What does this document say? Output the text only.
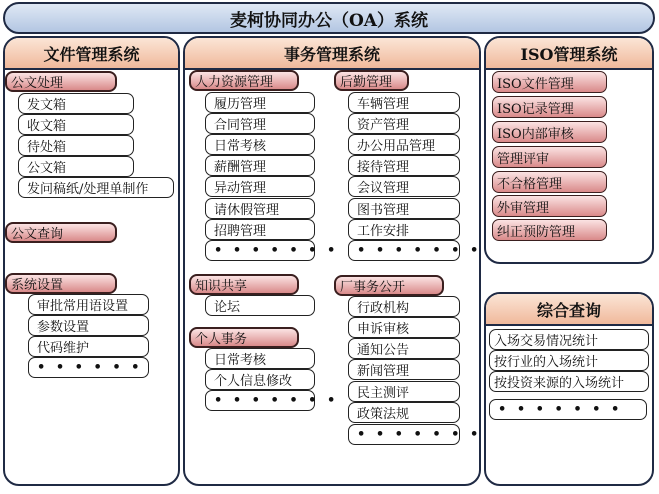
麦柯协同办公（OA）系统
文件管理系统
公文处理
发文箱
收文箱
待处箱
公文箱
发问稿纸/处理单制作
公文查询
系统设置
审批常用语设置
参数设置
代码维护
• • • • • •
事务管理系统
人力资源管理
履历管理
合同管理
日常考核
薪酬管理
异动管理
请休假管理
招聘管理
• • • • • • •
后勤管理
车辆管理
资产管理
办公用品管理
接待管理
会议管理
图书管理
工作安排
• • • • • • •
知识共享
论坛
个人事务
日常考核
个人信息修改
• • • • • • •
厂事务公开
行政机构
申诉审核
通知公告
新闻管理
民主测评
政策法规
• • • • • • •
ISO管理系统
ISO文件管理
ISO记录管理
ISO内部审核
管理评审
不合格管理
外审管理
纠正预防管理
综合查询
入场交易情况统计
按行业的入场统计
按投资来源的入场统计
• • • • • • •
